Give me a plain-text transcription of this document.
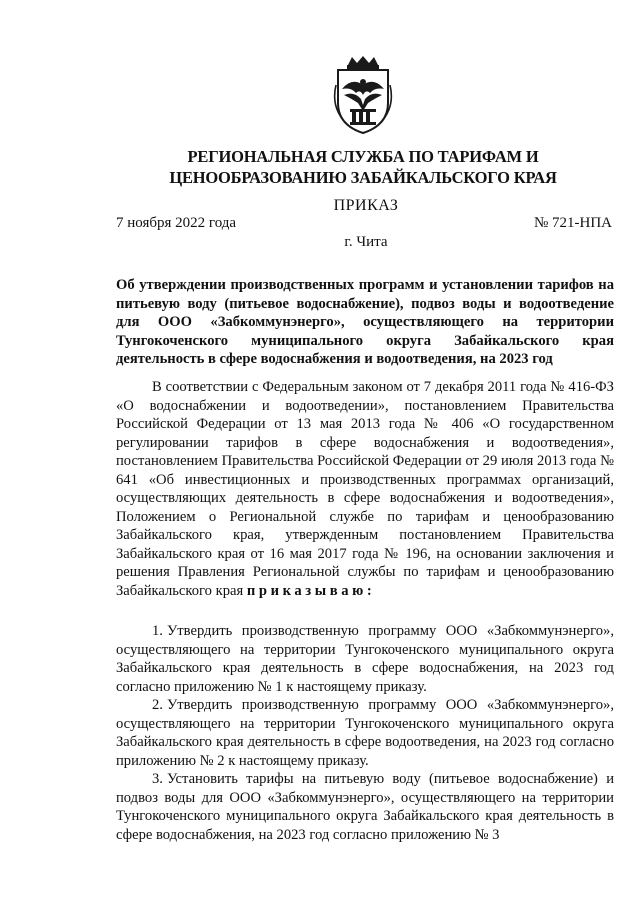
РЕГИОНАЛЬНАЯ СЛУЖБА ПО ТАРИФАМ И
ЦЕНООБРАЗОВАНИЮ ЗАБАЙКАЛЬСКОГО КРАЯ
ПРИКАЗ
7 ноября 2022 года	№ 721-НПА
г. Чита
Об утверждении производственных программ и установлении тарифов на питьевую воду (питьевое водоснабжение), подвоз воды и водоотведение для ООО «Забкоммунэнерго», осуществляющего на территории Тунгокоченского муниципального округа Забайкальского края деятельность в сфере водоснабжения и водоотведения, на 2023 год

В соответствии с Федеральным законом от 7 декабря 2011 года № 416-ФЗ «О водоснабжении и водоотведении», постановлением Правительства Российской Федерации от 13 мая 2013 года № 406 «О государственном регулировании тарифов в сфере водоснабжения и водоотведения», постановлением Правительства Российской Федерации от 29 июля 2013 года № 641 «Об инвестиционных и производственных программах организаций, осуществляющих деятельность в сфере водоснабжения и водоотведения», Положением о Региональной службе по тарифам и ценообразованию Забайкальского края, утвержденным постановлением Правительства Забайкальского края от 16 мая 2017 года № 196, на основании заключения и решения Правления Региональной службы по тарифам и ценообразованию Забайкальского края приказываю:

1. Утвердить производственную программу ООО «Забкоммунэнерго», осуществляющего на территории Тунгокоченского муниципального округа Забайкальского края деятельность в сфере водоснабжения, на 2023 год согласно приложению № 1 к настоящему приказу.

2. Утвердить производственную программу ООО «Забкоммунэнерго», осуществляющего на территории Тунгокоченского муниципального округа Забайкальского края деятельность в сфере водоотведения, на 2023 год согласно приложению № 2 к настоящему приказу.

3. Установить тарифы на питьевую воду (питьевое водоснабжение) и подвоз воды для ООО «Забкоммунэнерго», осуществляющего на территории Тунгокоченского муниципального округа Забайкальского края деятельность в сфере водоснабжения, на 2023 год согласно приложению № 3
